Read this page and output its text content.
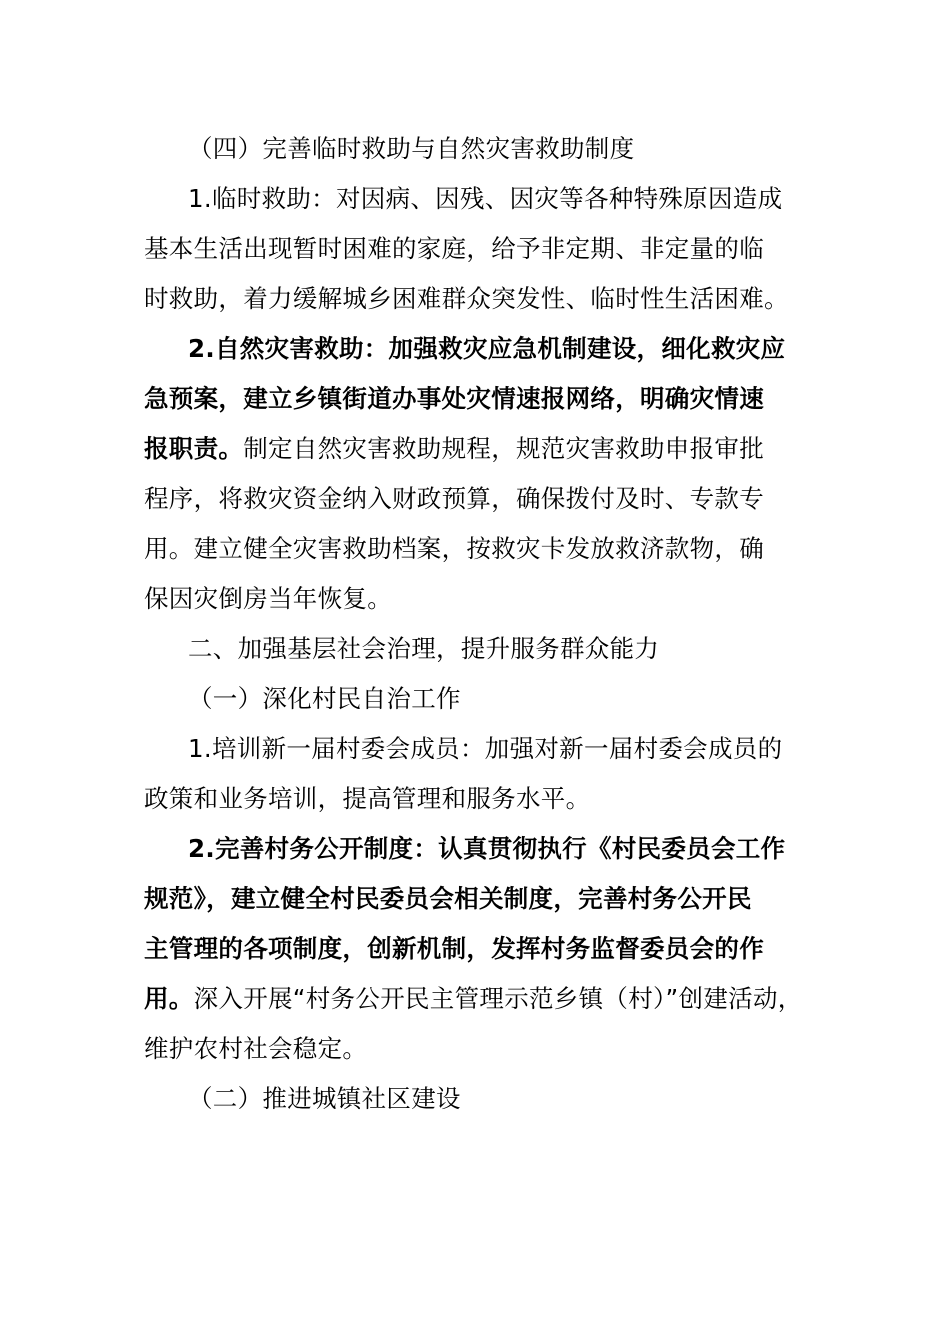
（四）完善临时救助与自然灾害救助制度
1.临时救助：对因病、因残、因灾等各种特殊原因造成
基本生活出现暂时困难的家庭，给予非定期、非定量的临
时救助，着力缓解城乡困难群众突发性、临时性生活困难。
2.自然灾害救助：加强救灾应急机制建设，细化救灾应
急预案，建立乡镇街道办事处灾情速报网络，明确灾情速
报职责。制定自然灾害救助规程，规范灾害救助申报审批
程序，将救灾资金纳入财政预算，确保拨付及时、专款专
用。建立健全灾害救助档案，按救灾卡发放救济款物，确
保因灾倒房当年恢复。
二、加强基层社会治理，提升服务群众能力
（一）深化村民自治工作
1.培训新一届村委会成员：加强对新一届村委会成员的
政策和业务培训，提高管理和服务水平。
2.完善村务公开制度：认真贯彻执行《村民委员会工作
规范》，建立健全村民委员会相关制度，完善村务公开民
主管理的各项制度，创新机制，发挥村务监督委员会的作
用。深入开展“村务公开民主管理示范乡镇（村）”创建活动，
维护农村社会稳定。
（二）推进城镇社区建设
